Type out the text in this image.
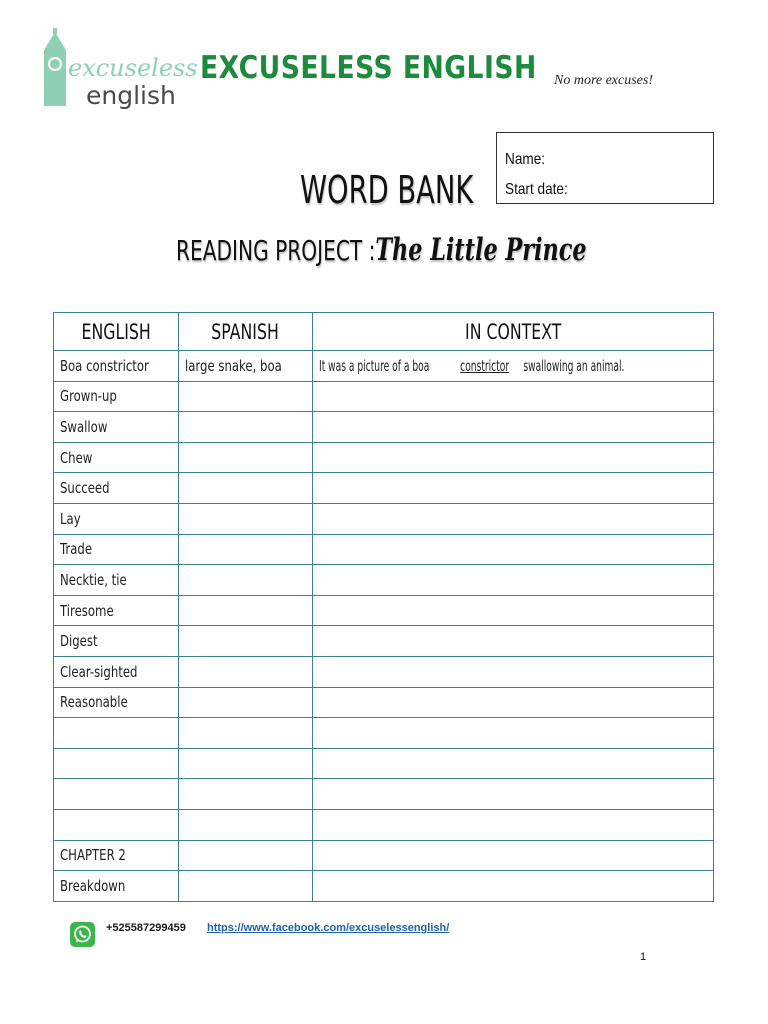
excuseless
english
EXCUSELESS ENGLISH No more excuses!
Name:
Start date:
WORD BANK
READING PROJECT :The Little Prince
ENGLISH	SPANISH	IN CONTEXT
Boa constrictor	large snake, boa	It was a picture of a boaconstrictorswallowing an animal.
Grown-up		
Swallow		
Chew		
Succeed		
Lay		
Trade		
Necktie, tie		
Tiresome		
Digest		
Clear-sighted		
Reasonable		

CHAPTER 2		
Breakdown		
+525587299459 https://www.facebook.com/excuselessenglish/
1
